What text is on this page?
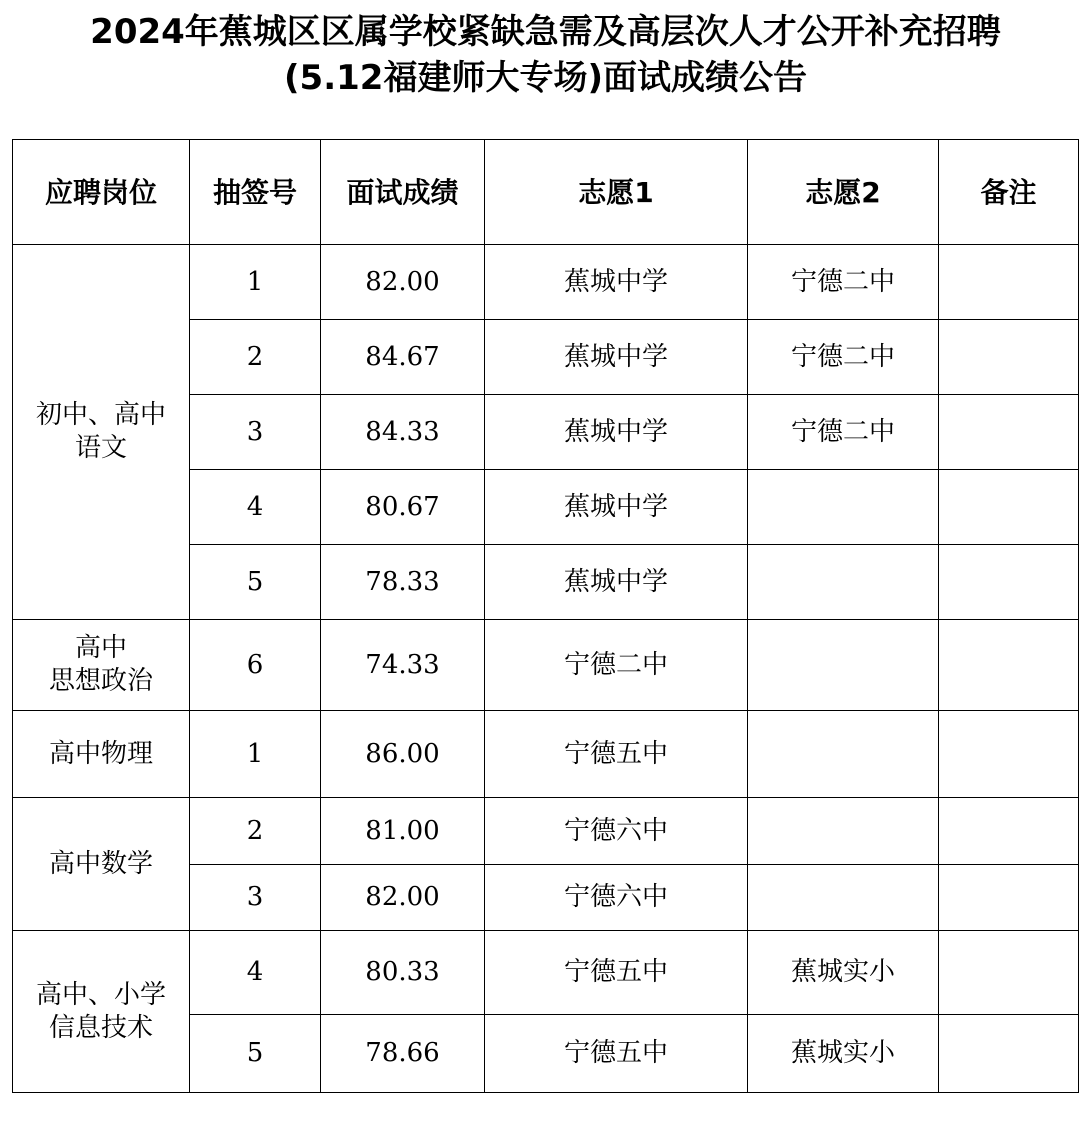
2024年蕉城区区属学校紧缺急需及高层次人才公开补充招聘
(5.12福建师大专场)面试成绩公告
应聘岗位	抽签号	面试成绩	志愿1	志愿2	备注

初中、高中
语文	1	82.00	蕉城中学	宁德二中	
	2	84.67	蕉城中学	宁德二中	
	3	84.33	蕉城中学	宁德二中	
	4	80.67	蕉城中学		
	5	78.33	蕉城中学		

高中
思想政治	6	74.33	宁德二中		

高中物理	1	86.00	宁德五中		

高中数学	2	81.00	宁德六中		
	3	82.00	宁德六中		

高中、小学
信息技术	4	80.33	宁德五中	蕉城实小	
	5	78.66	宁德五中	蕉城实小	
